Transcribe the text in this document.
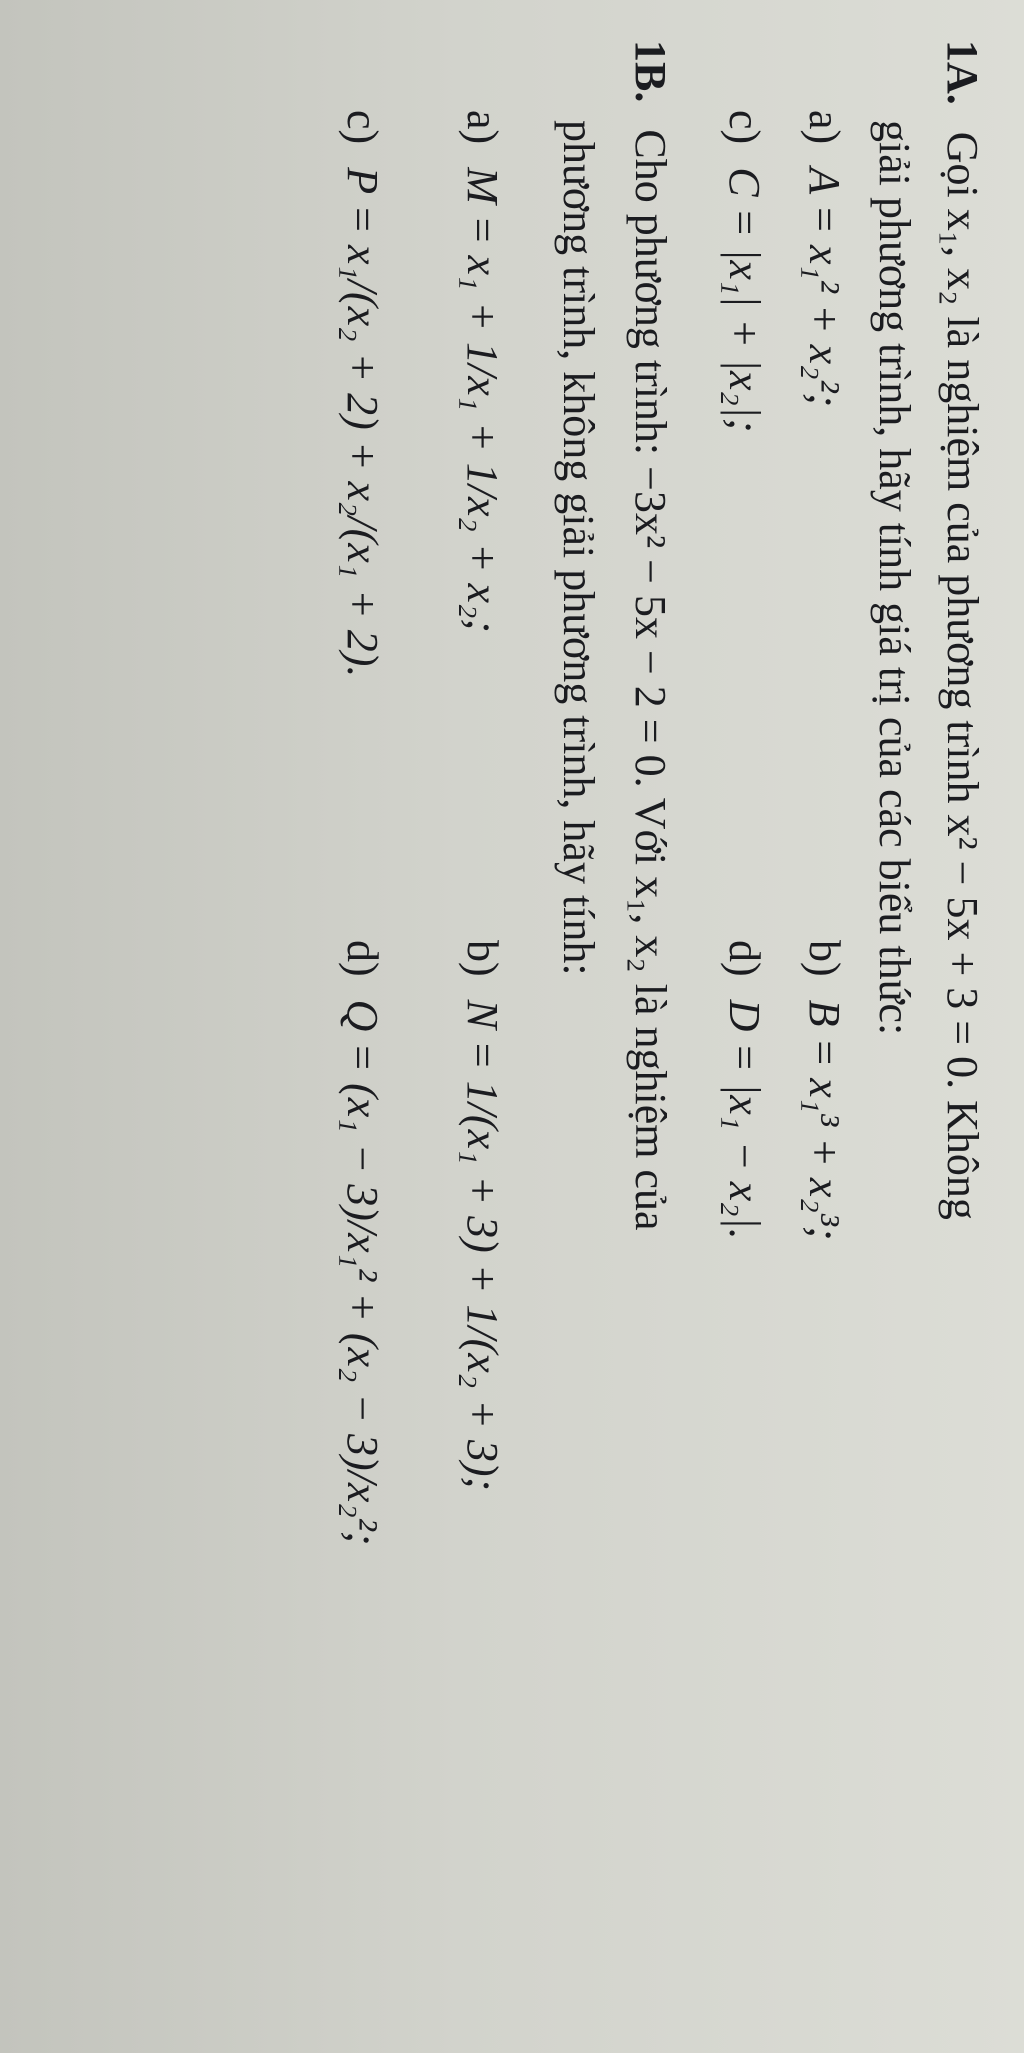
1A. Gọi x₁, x₂ là nghiệm của phương trình x² − 5x + 3 = 0. Không
giải phương trình, hãy tính giá trị của các biểu thức:
a) A = x₁² + x₂²;
b) B = x₁³ + x₂³;
c) C = |x₁| + |x₂|;
d) D = |x₁ − x₂|.
1B. Cho phương trình: −3x² − 5x − 2 = 0. Với x₁, x₂ là nghiệm của
phương trình, không giải phương trình, hãy tính:
a) M = x₁ + 1/x₁ + 1/x₂ + x₂;
b) N = 1/(x₁ + 3) + 1/(x₂ + 3);
c) P = x₁/(x₂ + 2) + x₂/(x₁ + 2).
d) Q = (x₁ − 3)/x₁² + (x₂ − 3)/x₂²;
